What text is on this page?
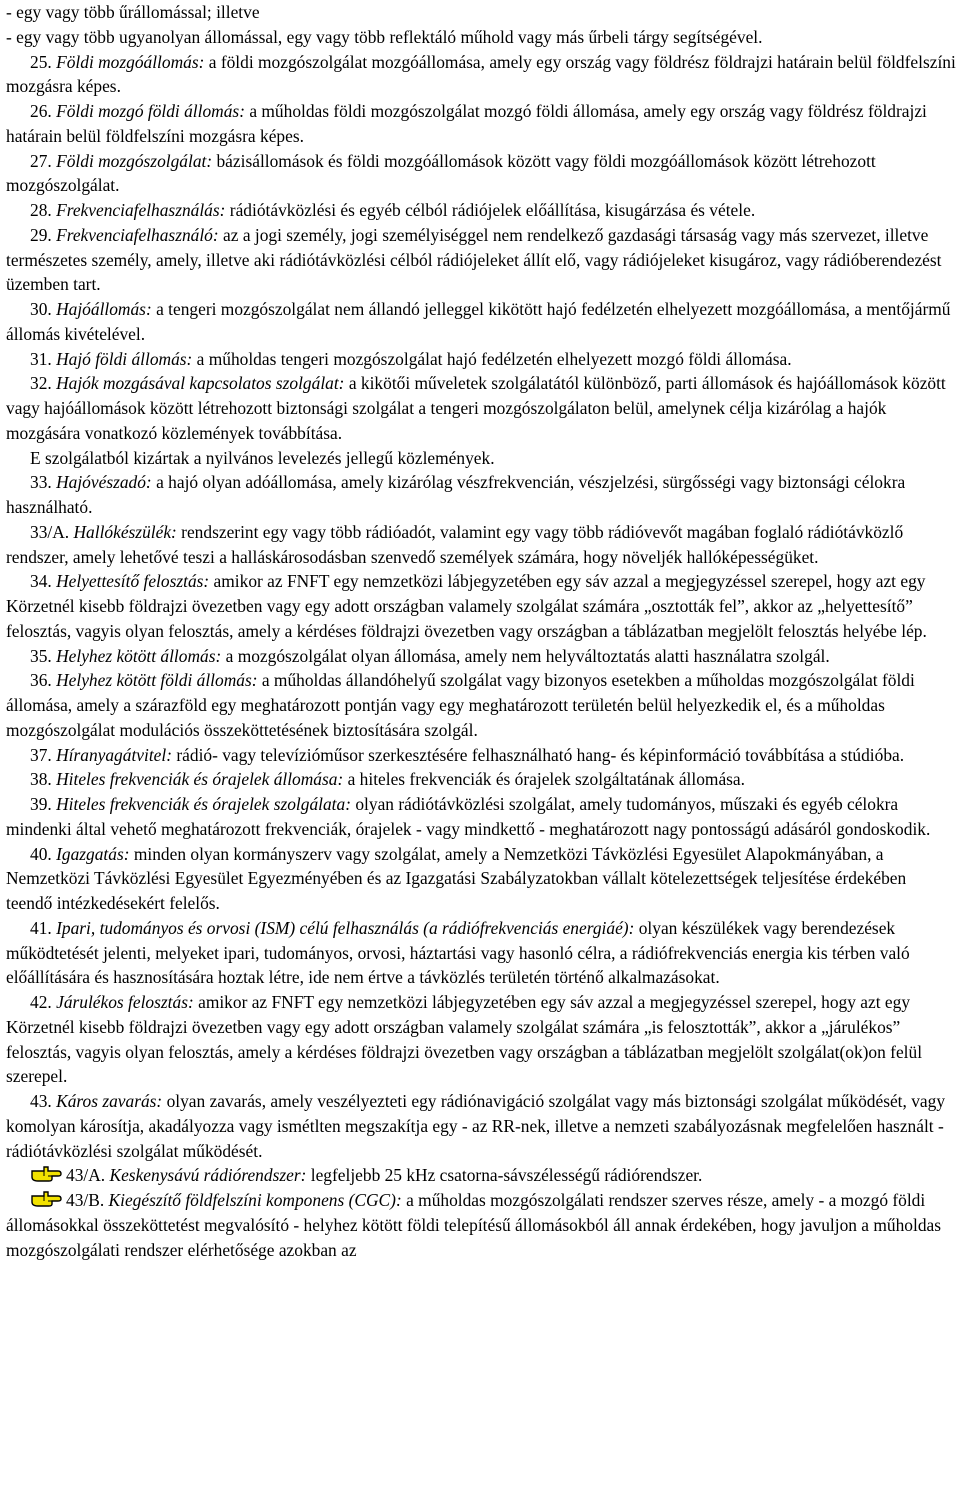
- egy vagy több űrállomással; illetve

- egy vagy több ugyanolyan állomással, egy vagy több reflektáló műhold vagy más űrbeli tárgy segítségével.

25. Földi mozgóállomás: a földi mozgószolgálat mozgóállomása, amely egy ország vagy földrész földrajzi határain belül földfelszíni mozgásra képes.

26. Földi mozgó földi állomás: a műholdas földi mozgószolgálat mozgó földi állomása, amely egy ország vagy földrész földrajzi határain belül földfelszíni mozgásra képes.

27. Földi mozgószolgálat: bázisállomások és földi mozgóállomások között vagy földi mozgóállomások között létrehozott mozgószolgálat.

28. Frekvenciafelhasználás: rádiótávközlési és egyéb célból rádiójelek előállítása, kisugárzása és vétele.

29. Frekvenciafelhasználó: az a jogi személy, jogi személyiséggel nem rendelkező gazdasági társaság vagy más szervezet, illetve természetes személy, amely, illetve aki rádiótávközlési célból rádiójeleket állít elő, vagy rádiójeleket kisugároz, vagy rádióberendezést üzemben tart.

30. Hajóállomás: a tengeri mozgószolgálat nem állandó jelleggel kikötött hajó fedélzetén elhelyezett mozgóállomása, a mentőjármű állomás kivételével.

31. Hajó földi állomás: a műholdas tengeri mozgószolgálat hajó fedélzetén elhelyezett mozgó földi állomása.

32. Hajók mozgásával kapcsolatos szolgálat: a kikötői műveletek szolgálatától különböző, parti állomások és hajóállomások között vagy hajóállomások között létrehozott biztonsági szolgálat a tengeri mozgószolgálaton belül, amelynek célja kizárólag a hajók mozgására vonatkozó közlemények továbbítása.

E szolgálatból kizártak a nyilvános levelezés jellegű közlemények.

33. Hajóvészadó: a hajó olyan adóállomása, amely kizárólag vészfrekvencián, vészjelzési, sürgősségi vagy biztonsági célokra használható.

33/A. Hallókészülék: rendszerint egy vagy több rádióadót, valamint egy vagy több rádióvevőt magában foglaló rádiótávközlő rendszer, amely lehetővé teszi a halláskárosodásban szenvedő személyek számára, hogy növeljék hallóképességüket.

34. Helyettesítő felosztás: amikor az FNFT egy nemzetközi lábjegyzetében egy sáv azzal a megjegyzéssel szerepel, hogy azt egy Körzetnél kisebb földrajzi övezetben vagy egy adott országban valamely szolgálat számára „osztották fel”, akkor az „helyettesítő” felosztás, vagyis olyan felosztás, amely a kérdéses földrajzi övezetben vagy országban a táblázatban megjelölt felosztás helyébe lép.

35. Helyhez kötött állomás: a mozgószolgálat olyan állomása, amely nem helyváltoztatás alatti használatra szolgál.

36. Helyhez kötött földi állomás: a műholdas állandóhelyű szolgálat vagy bizonyos esetekben a műholdas mozgószolgálat földi állomása, amely a szárazföld egy meghatározott pontján vagy egy meghatározott területén belül helyezkedik el, és a műholdas mozgószolgálat modulációs összeköttetésének biztosítására szolgál.

37. Híranyagátvitel: rádió- vagy televízióműsor szerkesztésére felhasználható hang- és képinformáció továbbítása a stúdióba.

38. Hiteles frekvenciák és órajelek állomása: a hiteles frekvenciák és órajelek szolgáltatának állomása.

39. Hiteles frekvenciák és órajelek szolgálata: olyan rádiótávközlési szolgálat, amely tudományos, műszaki és egyéb célokra mindenki által vehető meghatározott frekvenciák, órajelek - vagy mindkettő - meghatározott nagy pontosságú adásáról gondoskodik.

40. Igazgatás: minden olyan kormányszerv vagy szolgálat, amely a Nemzetközi Távközlési Egyesület Alapokmányában, a Nemzetközi Távközlési Egyesület Egyezményében és az Igazgatási Szabályzatokban vállalt kötelezettségek teljesítése érdekében teendő intézkedésekért felelős.

41. Ipari, tudományos és orvosi (ISM) célú felhasználás (a rádiófrekvenciás energiáé): olyan készülékek vagy berendezések működtetését jelenti, melyeket ipari, tudományos, orvosi, háztartási vagy hasonló célra, a rádiófrekvenciás energia kis térben való előállítására és hasznosítására hoztak létre, ide nem értve a távközlés területén történő alkalmazásokat.

42. Járulékos felosztás: amikor az FNFT egy nemzetközi lábjegyzetében egy sáv azzal a megjegyzéssel szerepel, hogy azt egy Körzetnél kisebb földrajzi övezetben vagy egy adott országban valamely szolgálat számára „is felosztották”, akkor a „járulékos” felosztás, vagyis olyan felosztás, amely a kérdéses földrajzi övezetben vagy országban a táblázatban megjelölt szolgálat(ok)on felül szerepel.

43. Káros zavarás: olyan zavarás, amely veszélyezteti egy rádiónavigáció szolgálat vagy más biztonsági szolgálat működését, vagy komolyan károsítja, akadályozza vagy ismétlten megszakítja egy - az RR-nek, illetve a nemzeti szabályozásnak megfelelően használt - rádiótávközlési szolgálat működését.

43/A. Keskenysávú rádiórendszer: legfeljebb 25 kHz csatorna-sávszélességű rádiórendszer.

43/B. Kiegészítő földfelszíni komponens (CGC): a műholdas mozgószolgálati rendszer szerves része, amely - a mozgó földi állomásokkal összeköttetést megvalósító - helyhez kötött földi telepítésű állomásokból áll annak érdekében, hogy javuljon a műholdas mozgószolgálati rendszer elérhetősége azokban az
